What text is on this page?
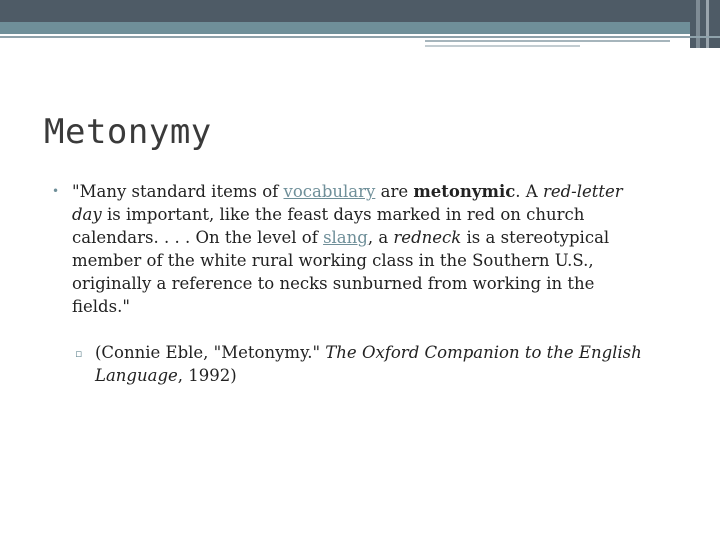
Metonymy
• "Many standard items of vocabulary are metonymic. A red-letter day is important, like the feast days marked in red on church calendars. . . . On the level of slang, a redneck is a stereotypical member of the white rural working class in the Southern U.S., originally a reference to necks sunburned from working in the fields."
▫ (Connie Eble, "Metonymy." The Oxford Companion to the English Language, 1992)
